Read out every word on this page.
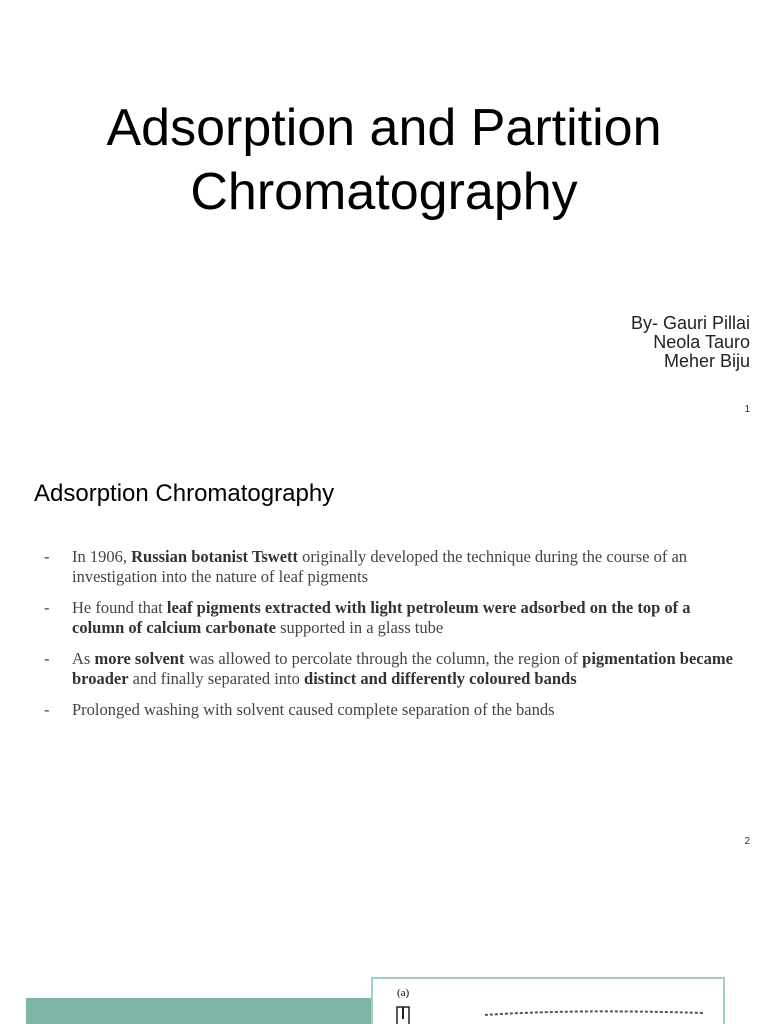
Adsorption and Partition
Chromatography
By- Gauri Pillai
Neola Tauro
Meher Biju
1
Adsorption Chromatography
- In 1906, Russian botanist Tswett originally developed the technique during the course of an investigation into the nature of leaf pigments
- He found that leaf pigments extracted with light petroleum were adsorbed on the top of a column of calcium carbonate supported in a glass tube
- As more solvent was allowed to percolate through the column, the region of pigmentation became broader and finally separated into distinct and differently coloured bands
- Prolonged washing with solvent caused complete separation of the bands
2
(a)
